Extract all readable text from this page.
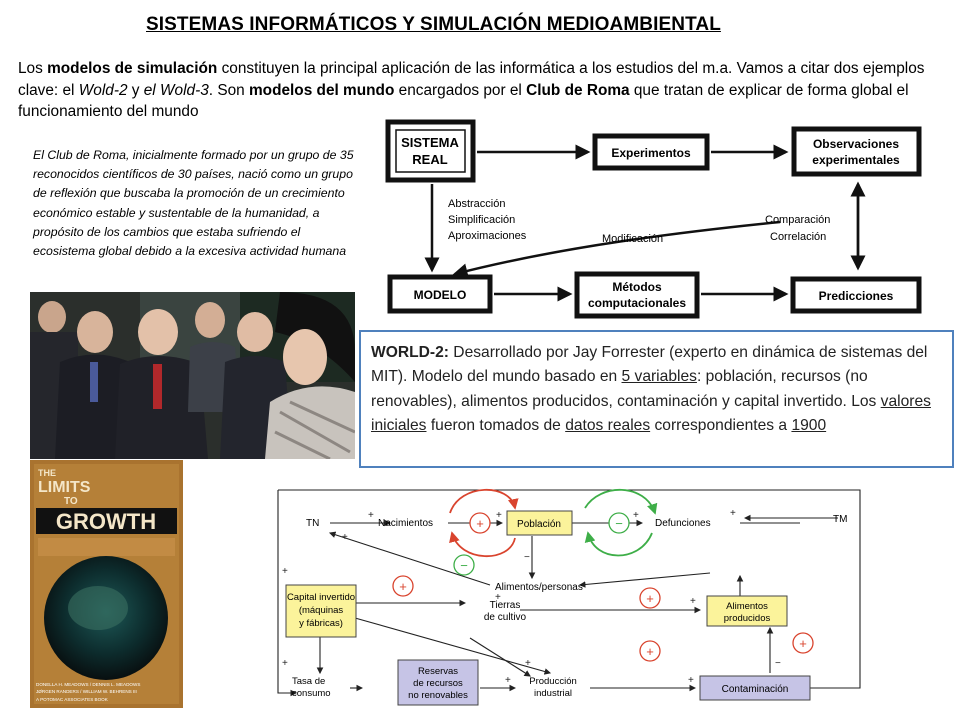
SISTEMAS INFORMÁTICOS Y SIMULACIÓN MEDIOAMBIENTAL
Los modelos de simulación constituyen la principal aplicación de las informática a los estudios del m.a. Vamos a citar dos ejemplos clave: el Wold-2 y el Wold-3. Son modelos del mundo encargados por el Club de Roma que tratan de explicar de forma global el funcionamiento del mundo
El Club de Roma, inicialmente formado por un grupo de 35 reconocidos científicos de 30 países, nació como un grupo de reflexión que buscaba la promoción de un crecimiento económico estable y sustentable de la humanidad, a propósito de los cambios que estaba sufriendo el ecosistema global debido a la excesiva actividad humana
SISTEMA
REAL	Experimentos
Observaciones
experimentales
MODELO
Métodos
computacionales	Predicciones
Abstracción
Simplificación
Aproximaciones	Modificación
Comparación
Correlación
THE
LIMITS
TO
GROWTH
DONELLA H. MEADOWS / DENNIS L. MEADOWS
JØRGEN RANDERS / WILLIAM W. BEHRENS III
A POTOMAC ASSOCIATES BOOK
WORLD-2: Desarrollado por Jay Forrester (experto en dinámica de sistemas del MIT). Modelo del mundo basado en 5 variables: población, recursos (no renovables), alimentos producidos, contaminación y capital invertido. Los valores iniciales fueron tomados de datos reales correspondientes a 1900
+	−
−
+
+
+
+
Población
Capital invertido
(máquinas
y fábricas)
Alimentos
producidos
Reservas
de recursos
no renovables
Contaminación
TN	TM
Nacimientos	Defunciones
Alimentos/personas
Tierras
de cultivo
Tasa de
consumo
Producción
industrial
+	+	+	+
−
+
+	+
+
+	+
−
+
+
